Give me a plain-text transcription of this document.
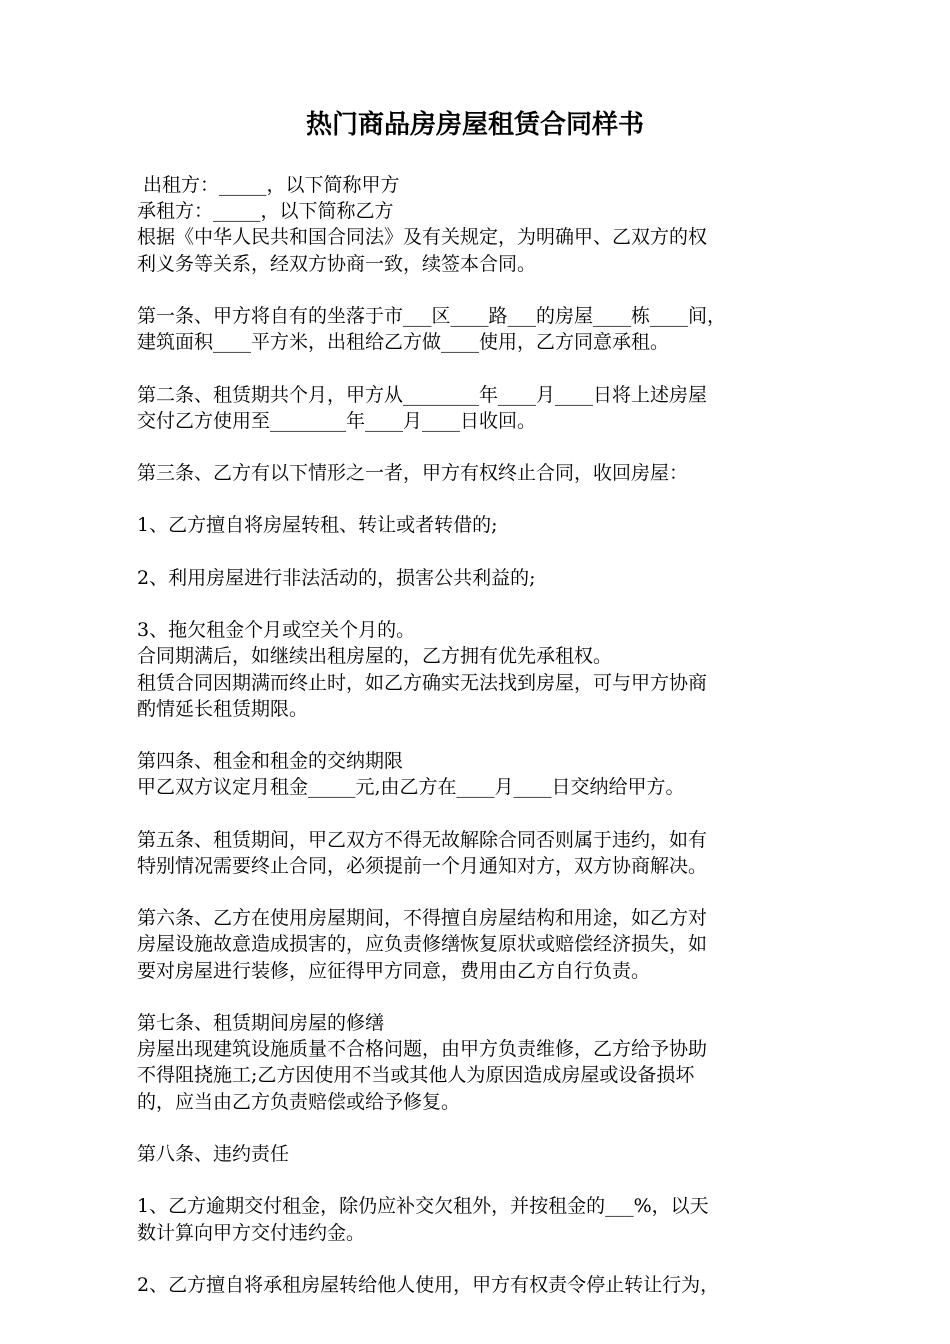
热门商品房房屋租赁合同样书
出租方：_____，以下简称甲方
承租方：_____，以下简称乙方
根据《中华人民共和国合同法》及有关规定，为明确甲、乙双方的权
利义务等关系，经双方协商一致，续签本合同。
第一条、甲方将自有的坐落于市___区____路___的房屋____栋____间，
建筑面积____平方米，出租给乙方做____使用，乙方同意承租。
第二条、租赁期共个月，甲方从________年____月____日将上述房屋
交付乙方使用至________年____月____日收回。
第三条、乙方有以下情形之一者，甲方有权终止合同，收回房屋：
1、乙方擅自将房屋转租、转让或者转借的;
2、利用房屋进行非法活动的，损害公共利益的;
3、拖欠租金个月或空关个月的。
合同期满后，如继续出租房屋的，乙方拥有优先承租权。
租赁合同因期满而终止时，如乙方确实无法找到房屋，可与甲方协商
酌情延长租赁期限。
第四条、租金和租金的交纳期限
甲乙双方议定月租金_____元,由乙方在____月____日交纳给甲方。
第五条、租赁期间，甲乙双方不得无故解除合同否则属于违约，如有
特别情况需要终止合同，必须提前一个月通知对方，双方协商解决。
第六条、乙方在使用房屋期间，不得擅自房屋结构和用途，如乙方对
房屋设施故意造成损害的，应负责修缮恢复原状或赔偿经济损失，如
要对房屋进行装修，应征得甲方同意，费用由乙方自行负责。
第七条、租赁期间房屋的修缮
房屋出现建筑设施质量不合格问题，由甲方负责维修，乙方给予协助
不得阻挠施工;乙方因使用不当或其他人为原因造成房屋或设备损坏
的，应当由乙方负责赔偿或给予修复。
第八条、违约责任
1、乙方逾期交付租金，除仍应补交欠租外，并按租金的___%，以天
数计算向甲方交付违约金。
2、乙方擅自将承租房屋转给他人使用，甲方有权责令停止转让行为，
